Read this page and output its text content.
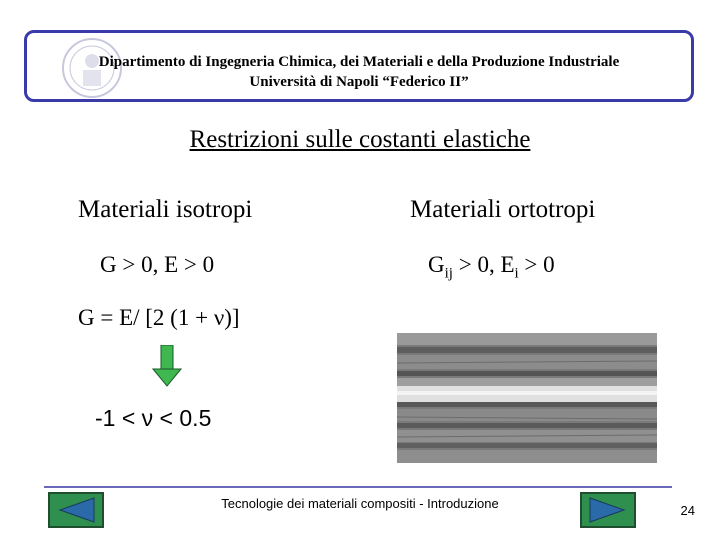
Dipartimento di Ingegneria Chimica, dei Materiali e della Produzione Industriale
Università di Napoli “Federico II”
Restrizioni sulle costanti elastiche
Materiali isotropi	Materiali ortotropi
G > 0, E > 0	$G_{ij} > 0$, $E_i > 0$
G = E/ [2 (1 + ν)]
-1 < ν < 0.5
Tecnologie dei materiali compositi - Introduzione	24
